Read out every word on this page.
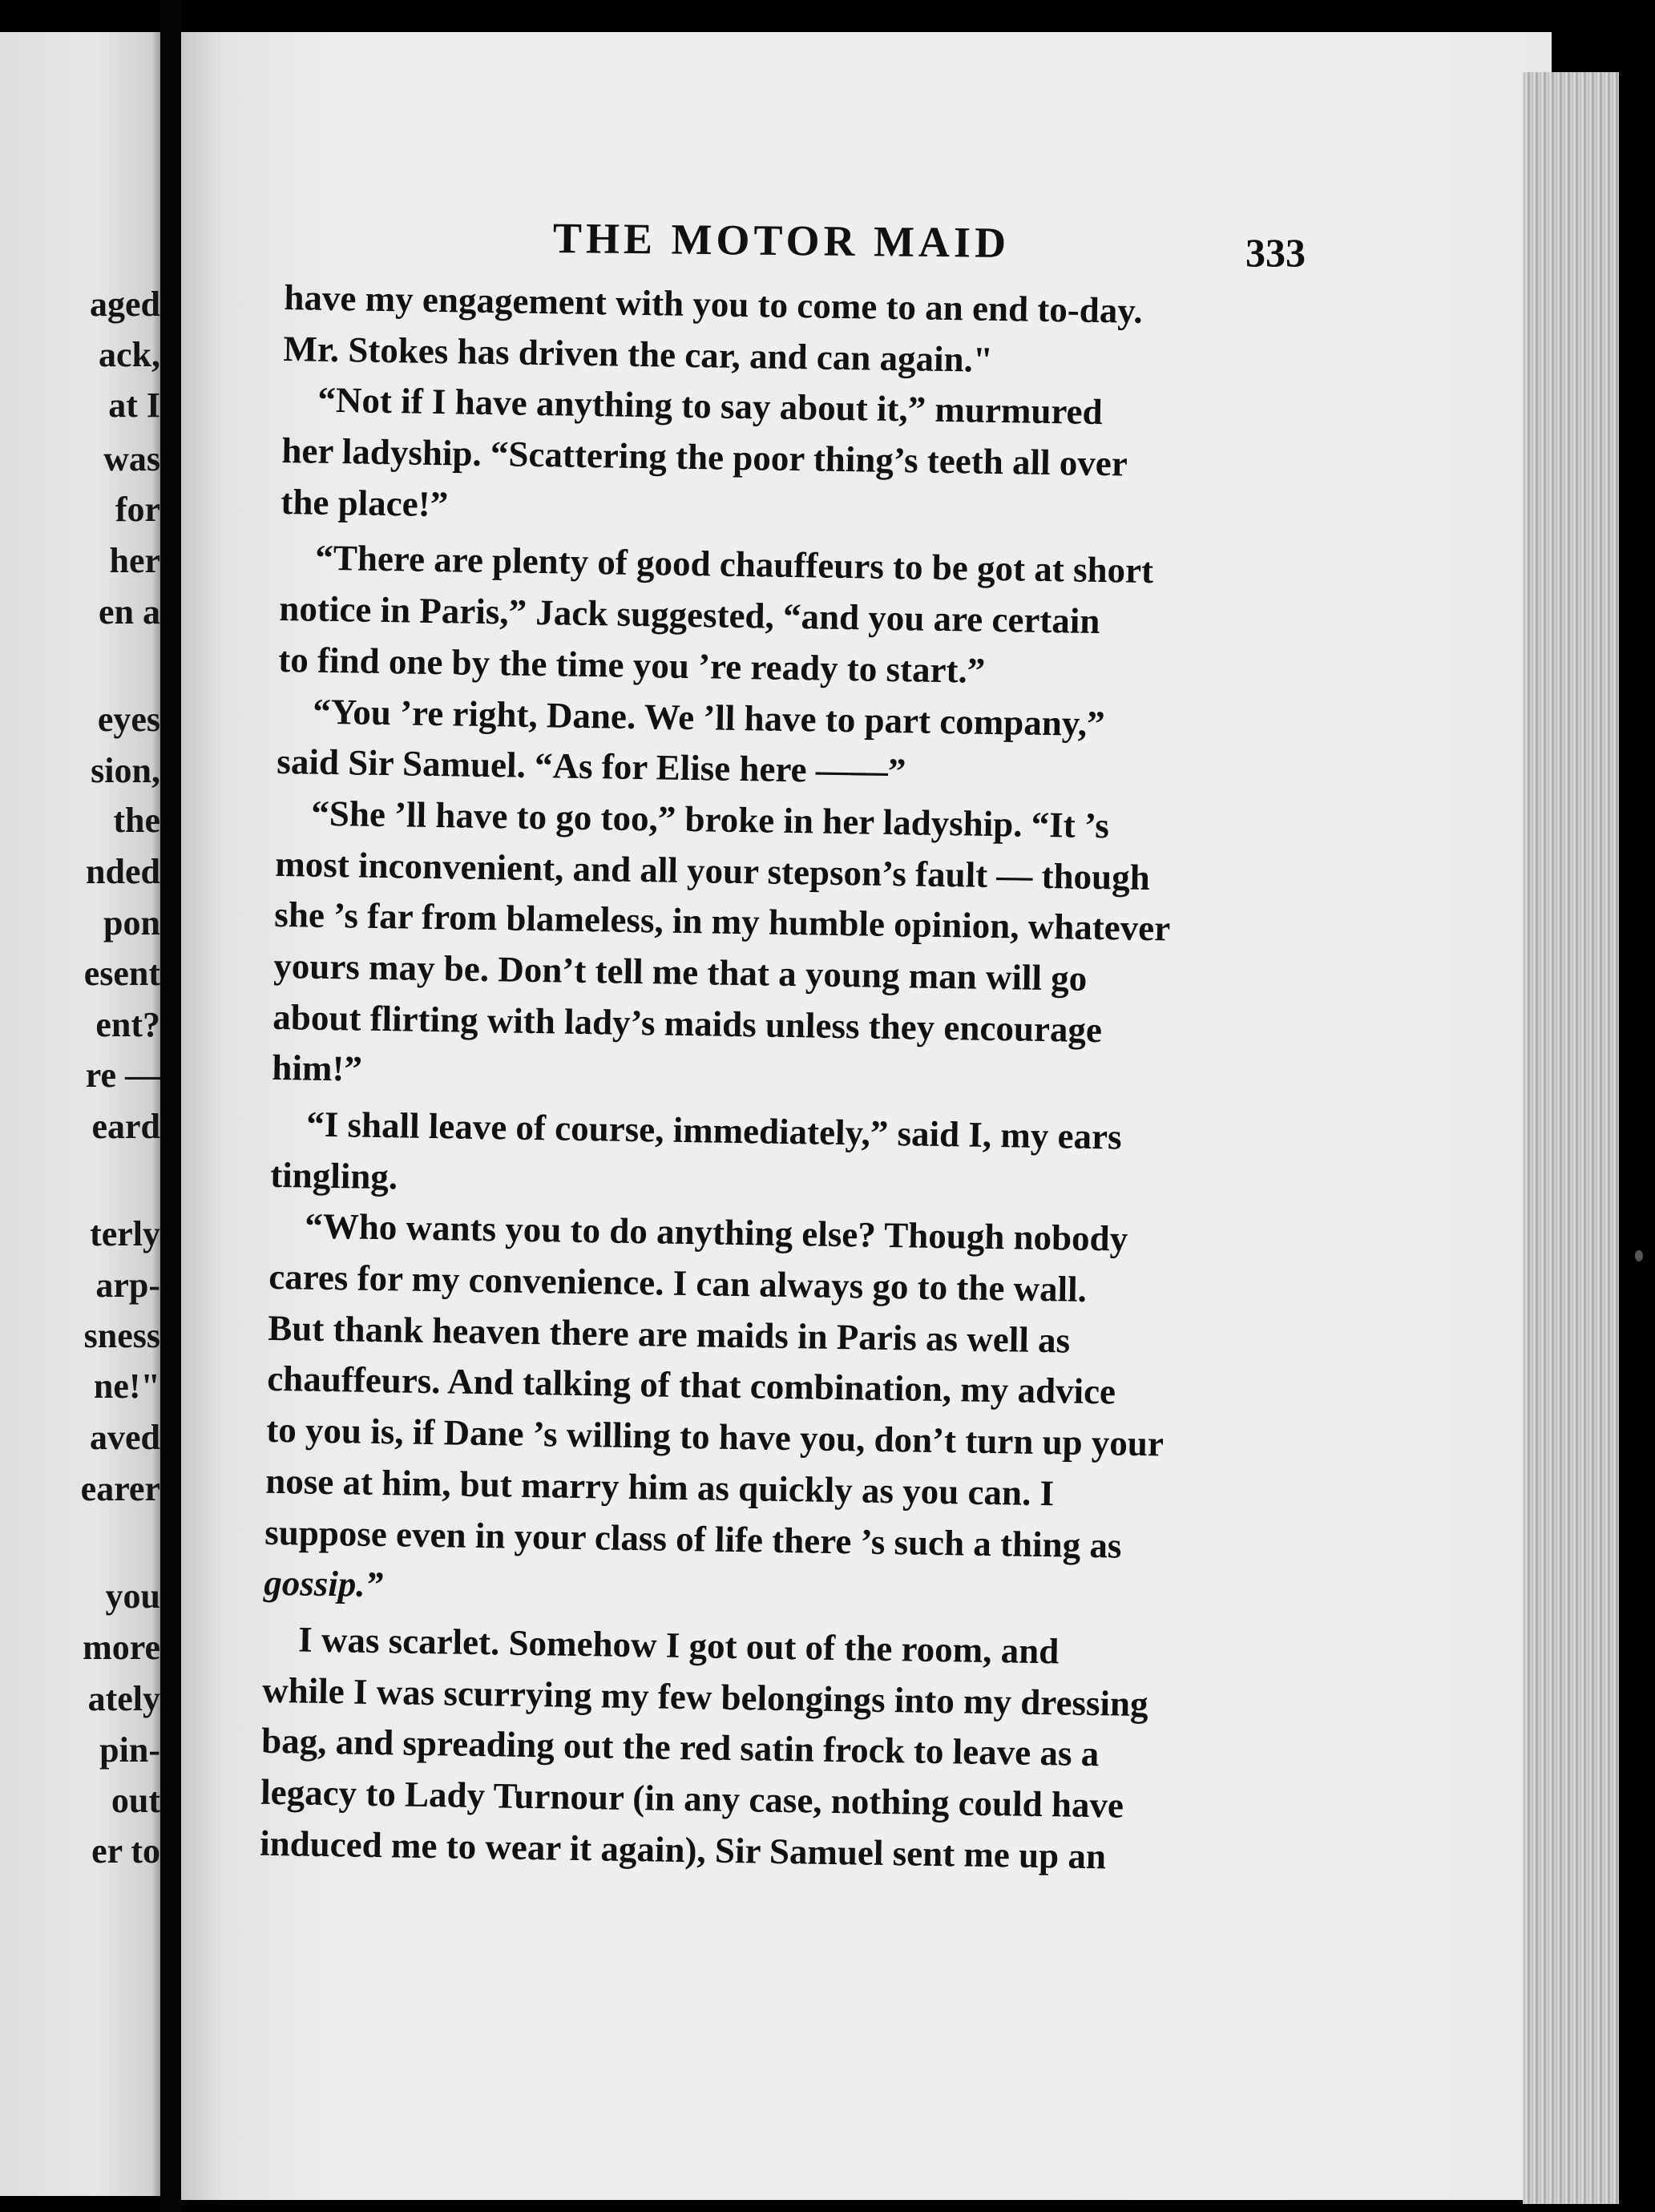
aged
ack,
at I
was
for
her
en a
eyes
sion,
the
nded
pon
esent
ent?
re —
eard
terly
arp-
sness
ne!"
aved
earer
you
more
ately
pin-
out
er to
THE MOTOR MAID	333
have my engagement with you to come to an end to-day.
Mr. Stokes has driven the car, and can again."
“Not if I have anything to say about it,” murmured
her ladyship. “Scattering the poor thing’s teeth all over
the place!”
“There are plenty of good chauffeurs to be got at short
notice in Paris,” Jack suggested, “and you are certain
to find one by the time you ’re ready to start.”
“You ’re right, Dane. We ’ll have to part company,”
said Sir Samuel. “As for Elise here ——”
“She ’ll have to go too,” broke in her ladyship. “It ’s
most inconvenient, and all your stepson’s fault — though
she ’s far from blameless, in my humble opinion, whatever
yours may be. Don’t tell me that a young man will go
about flirting with lady’s maids unless they encourage
him!”
“I shall leave of course, immediately,” said I, my ears
tingling.
“Who wants you to do anything else? Though nobody
cares for my convenience. I can always go to the wall.
But thank heaven there are maids in Paris as well as
chauffeurs. And talking of that combination, my advice
to you is, if Dane ’s willing to have you, don’t turn up your
nose at him, but marry him as quickly as you can. I
suppose even in your class of life there ’s such a thing as
gossip.”
I was scarlet. Somehow I got out of the room, and
while I was scurrying my few belongings into my dressing
bag, and spreading out the red satin frock to leave as a
legacy to Lady Turnour (in any case, nothing could have
induced me to wear it again), Sir Samuel sent me up an
